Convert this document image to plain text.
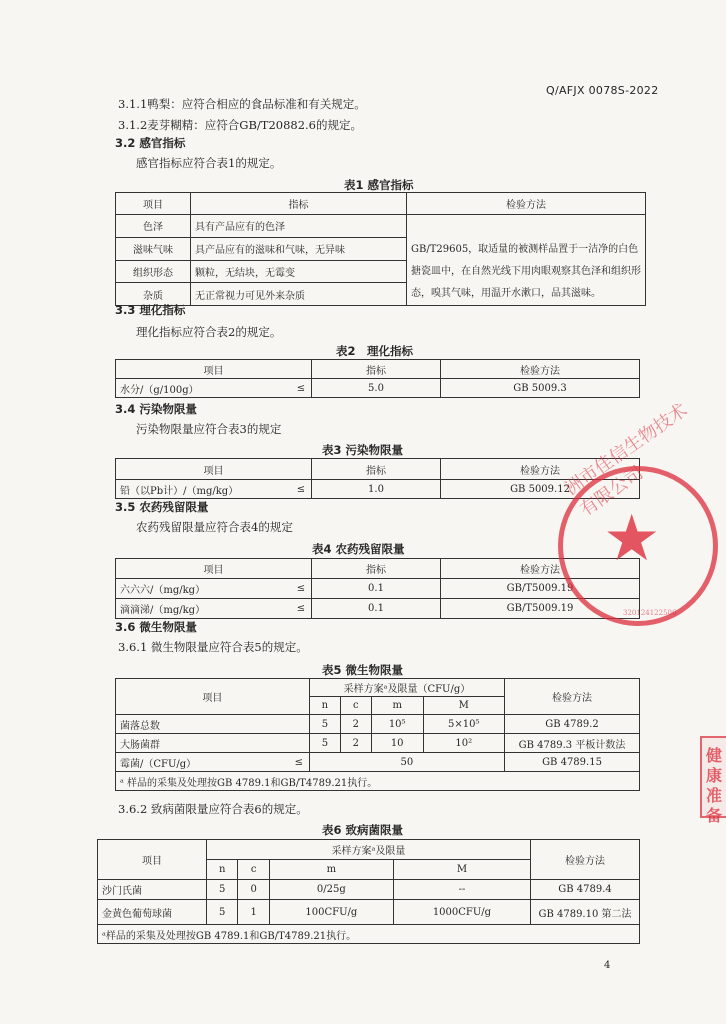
Q/AFJX 0078S-2022
3.1.1鸭梨：应符合相应的食品标准和有关规定。
3.1.2麦芽糊精：应符合GB/T20882.6的规定。
3.2 感官指标
感官指标应符合表1的规定。
表1 感官指标
项目	指标	检验方法
色泽	具有产品应有的色泽	GB/T29605，取适量的被测样品置于一洁净的白色搪瓷皿中，在自然光线下用肉眼观察其色泽和组织形态，嗅其气味，用温开水漱口，品其滋味。
滋味气味	具产品应有的滋味和气味，无异味	
组织形态	颗粒，无结块，无霉变	
杂质	无正常视力可见外来杂质	
3.3 理化指标
理化指标应符合表2的规定。
表2　理化指标
项目		指标	检验方法
水分/（g/100g）	≤	5.0	GB 5009.3
3.4 污染物限量
污染物限量应符合表3的规定
表3 污染物限量
项目		指标	检验方法
铅（以Pb计）/（mg/kg）	≤	1.0	GB 5009.12
3.5 农药残留限量
农药残留限量应符合表4的规定
表4 农药残留限量
项目		指标	检验方法
六六六/（mg/kg）	≤	0.1	GB/T5009.19
滴滴涕/（mg/kg）	≤	0.1	GB/T5009.19
3.6 微生物限量
3.6.1 微生物限量应符合表5的规定。
表5 微生物限量
项目		采样方案ᵃ及限量（CFU/g）				检验方法
		n	c	m	M	
菌落总数		5	2	10⁵	5×10⁵	GB 4789.2
大肠菌群		5	2	10	10²	GB 4789.3 平板计数法
霉菌/（CFU/g）	≤	50				GB 4789.15
ᵃ 样品的采集及处理按GB 4789.1和GB/T4789.21执行。						
3.6.2 致病菌限量应符合表6的规定。
表6 致病菌限量
项目	采样方案ᵃ及限量				检验方法
	n	c	m	M	
沙门氏菌	5	0	0/25g	--	GB 4789.4
金黄色葡萄球菌	5	1	100CFU/g	1000CFU/g	GB 4789.10 第二法
ᵃ样品的采集及处理按GB 4789.1和GB/T4789.21执行。					
4
洲市佳信生物技术有限公司
★
320124122506
健康准备
